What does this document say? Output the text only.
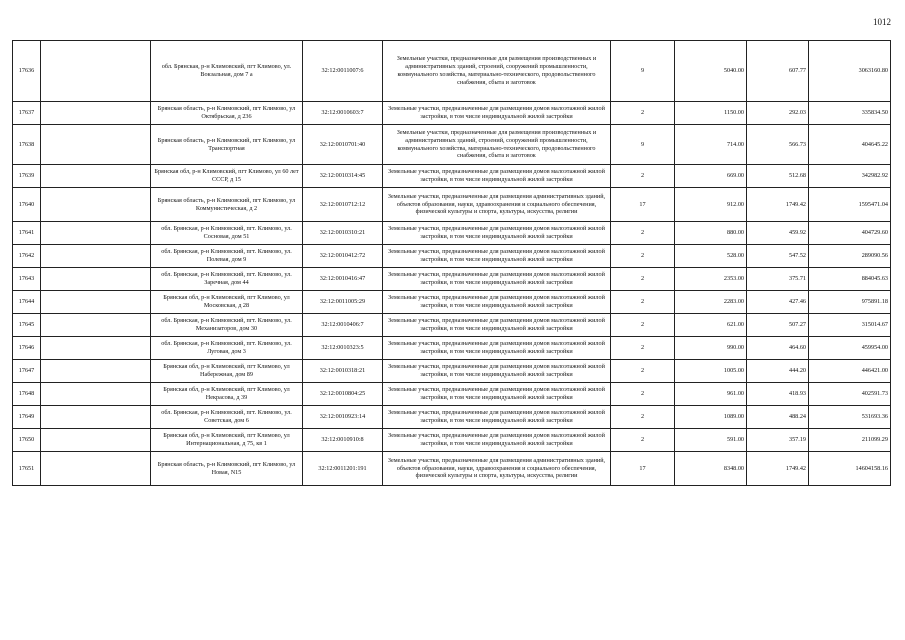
1012
17636		обл. Брянская, р-н Климовский, пгт Климово, ул. Вокзальная, дом 7 а	32:12:0011007:6	Земельные участки, предназначенные для размещения производственных и административных зданий, строений, сооружений промышленности, коммунального хозяйства, материально-технического, продовольственного снабжения, сбыта и заготовок	9	5040.00	607.77	3063160.80
17637		Брянская область, р-н Климовский, пгт Климово, ул Октябрьская, д 236	32:12:0010603:7	Земельные участки, предназначенные для размещения домов малоэтажной жилой застройки, в том числе индивидуальной жилой застройки	2	1150.00	292.03	335834.50
17638		Брянская область, р-н Климовский, пгт Климово, ул Транспортная	32:12:0010701:40	Земельные участки, предназначенные для размещения производственных и административных зданий, строений, сооружений промышленности, коммунального хозяйства, материально-технического, продовольственного снабжения, сбыта и заготовок	9	714.00	566.73	404645.22
17639		Брянская обл, р-н Климовский, пгт Климово, ул 60 лет СССР, д 15	32:12:0010314:45	Земельные участки, предназначенные для размещения домов малоэтажной жилой застройки, в том числе индивидуальной жилой застройки	2	669.00	512.68	342982.92
17640		Брянская область, р-н Климовский, пгт Климово, ул Коммунистическая, д 2	32:12:0010712:12	Земельные участки, предназначенные для размещения административных зданий, объектов образования, науки, здравоохранения и социального обеспечения, физической культуры и спорта, культуры, искусства, религии	17	912.00	1749.42	1595471.04
17641		обл. Брянская, р-н Климовский, пгт. Климово, ул. Сосновая, дом 51	32:12:0010310:21	Земельные участки, предназначенные для размещения домов малоэтажной жилой застройки, в том числе индивидуальной жилой застройки	2	880.00	459.92	404729.60
17642		обл. Брянская, р-н Климовский, пгт. Климово, ул. Полевая, дом 9	32:12:0010412:72	Земельные участки, предназначенные для размещения домов малоэтажной жилой застройки, в том числе индивидуальной жилой застройки	2	528.00	547.52	289090.56
17643		обл. Брянская, р-н Климовский, пгт. Климово, ул. Заречная, дом 44	32:12:0010416:47	Земельные участки, предназначенные для размещения домов малоэтажной жилой застройки, в том числе индивидуальной жилой застройки	2	2353.00	375.71	884045.63
17644		Брянская обл, р-н Климовский, пгт Климово, ул Московская, д 28	32:12:0011005:29	Земельные участки, предназначенные для размещения домов малоэтажной жилой застройки, в том числе индивидуальной жилой застройки	2	2283.00	427.46	975891.18
17645		обл. Брянская, р-н Климовский, пгт. Климово, ул. Механизаторов, дом 30	32:12:0010406:7	Земельные участки, предназначенные для размещения домов малоэтажной жилой застройки, в том числе индивидуальной жилой застройки	2	621.00	507.27	315014.67
17646		обл. Брянская, р-н Климовский, пгт. Климово, ул. Луговая, дом 3	32:12:0010323:5	Земельные участки, предназначенные для размещения домов малоэтажной жилой застройки, в том числе индивидуальной жилой застройки	2	990.00	464.60	459954.00
17647		Брянская обл, р-н Климовский, пгт Климово, ул Набережная, дом 89	32:12:0010318:21	Земельные участки, предназначенные для размещения домов малоэтажной жилой застройки, в том числе индивидуальной жилой застройки	2	1005.00	444.20	446421.00
17648		Брянская обл, р-н Климовский, пгт Климово, ул Некрасова, д 39	32:12:0010804:25	Земельные участки, предназначенные для размещения домов малоэтажной жилой застройки, в том числе индивидуальной жилой застройки	2	961.00	418.93	402591.73
17649		обл. Брянская, р-н Климовский, пгт. Климово, ул. Советская, дом 6	32:12:0010923:14	Земельные участки, предназначенные для размещения домов малоэтажной жилой застройки, в том числе индивидуальной жилой застройки	2	1089.00	488.24	531693.36
17650		Брянская обл, р-н Климовский, пгт Климово, ул Интернациональная, д 75, кв 1	32:12:0010910:8	Земельные участки, предназначенные для размещения домов малоэтажной жилой застройки, в том числе индивидуальной жилой застройки	2	591.00	357.19	211099.29
17651		Брянская область, р-н Климовский, пгт Климово, ул Новая, N15	32:12:0011201:191	Земельные участки, предназначенные для размещения административных зданий, объектов образования, науки, здравоохранения и социального обеспечения, физической культуры и спорта, культуры, искусства, религии	17	8348.00	1749.42	14604158.16
